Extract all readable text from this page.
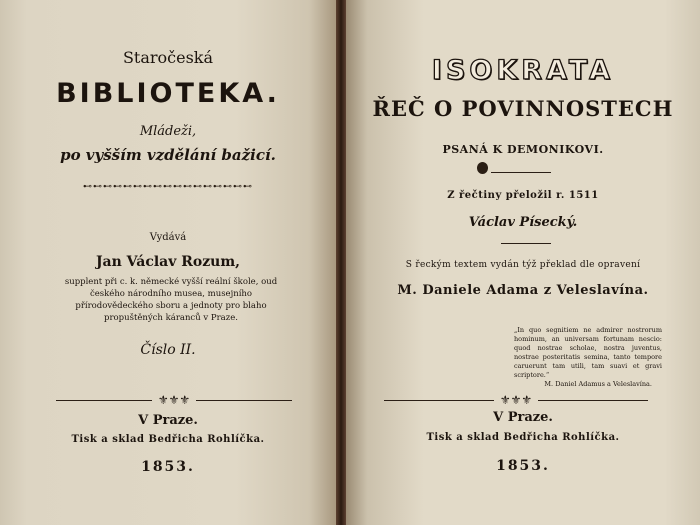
Staročeská
BIBLIOTEKA.
Mládeži,
po vyšším vzdělání bažicí.
⊷⊷⊷⊷⊷⊷⊷⊷⊷⊷⊷⊷⊷⊷⊷⊷⊷
Vydává
Jan Václav Rozum,
supplent při c. k. německé vyšší reální škole, oud českého národního musea, musejního přírodovědeckého sboru a jednoty pro blaho propuštěných káranců v Praze.
Číslo II.
⚜⚜⚜
V Praze.
Tisk a sklad Bedřicha Rohlíčka.
1853.
ISOKRATA
ŘEČ O POVINNOSTECH
PSANÁ K DEMONIKOVI.
Z řečtiny přeložil r. 1511
Václav Písecký.
S řeckým textem vydán týž překlad dle opravení
M. Daniele Adama z Veleslavína.
„In quo segnitiem ne admirer nostrorum hominum, an universam fortunam nescio: quod nostrae scholae, nostra juventus, nostrae posteritatis semina, tanto tempore caruerunt tam utili, tam suavi et gravi scriptore.“
M. Daniel Adamus a Veleslavína.
⚜⚜⚜
V Praze.
Tisk a sklad Bedřicha Rohlíčka.
1853.
